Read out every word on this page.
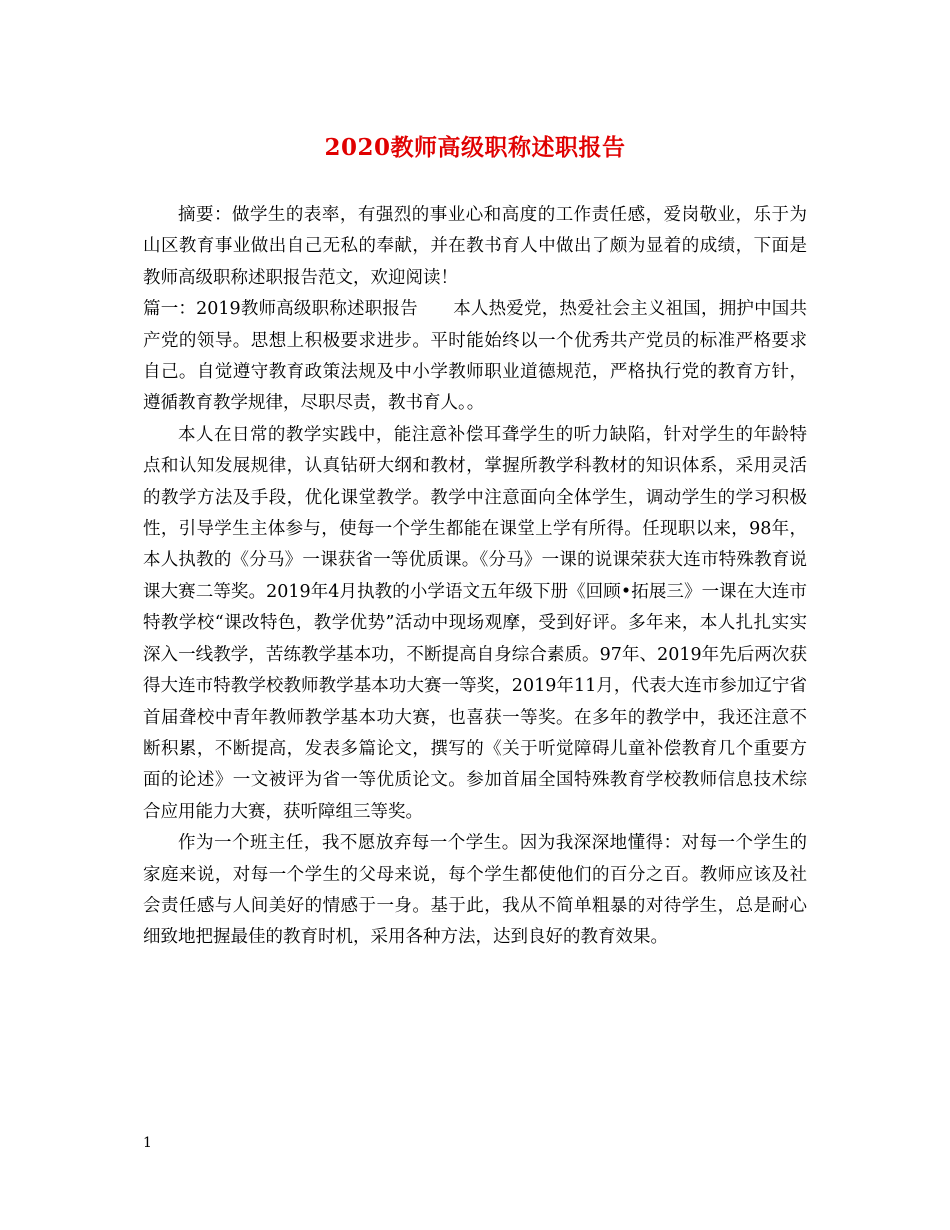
2020教师高级职称述职报告

摘要：做学生的表率，有强烈的事业心和高度的工作责任感，爱岗敬业，乐于为山区教育事业做出自己无私的奉献，并在教书育人中做出了颇为显着的成绩，下面是教师高级职称述职报告范文，欢迎阅读！

篇一：2019教师高级职称述职报告　　本人热爱党，热爱社会主义祖国，拥护中国共产党的领导。思想上积极要求进步。平时能始终以一个优秀共产党员的标准严格要求自己。自觉遵守教育政策法规及中小学教师职业道德规范，严格执行党的教育方针，遵循教育教学规律，尽职尽责，教书育人。。

本人在日常的教学实践中，能注意补偿耳聋学生的听力缺陷，针对学生的年龄特点和认知发展规律，认真钻研大纲和教材，掌握所教学科教材的知识体系，采用灵活的教学方法及手段，优化课堂教学。教学中注意面向全体学生，调动学生的学习积极性，引导学生主体参与，使每一个学生都能在课堂上学有所得。任现职以来，98年，本人执教的《分马》一课获省一等优质课。《分马》一课的说课荣获大连市特殊教育说课大赛二等奖。2019年4月执教的小学语文五年级下册《回顾•拓展三》一课在大连市特教学校“课改特色，教学优势”活动中现场观摩，受到好评。多年来，本人扎扎实实深入一线教学，苦练教学基本功，不断提高自身综合素质。97年、2019年先后两次获得大连市特教学校教师教学基本功大赛一等奖，2019年11月，代表大连市参加辽宁省首届聋校中青年教师教学基本功大赛，也喜获一等奖。在多年的教学中，我还注意不断积累，不断提高，发表多篇论文，撰写的《关于听觉障碍儿童补偿教育几个重要方面的论述》一文被评为省一等优质论文。参加首届全国特殊教育学校教师信息技术综合应用能力大赛，获听障组三等奖。

作为一个班主任，我不愿放弃每一个学生。因为我深深地懂得：对每一个学生的家庭来说，对每一个学生的父母来说，每个学生都使他们的百分之百。教师应该及社会责任感与人间美好的情感于一身。基于此，我从不简单粗暴的对待学生，总是耐心细致地把握最佳的教育时机，采用各种方法，达到良好的教育效果。

1
